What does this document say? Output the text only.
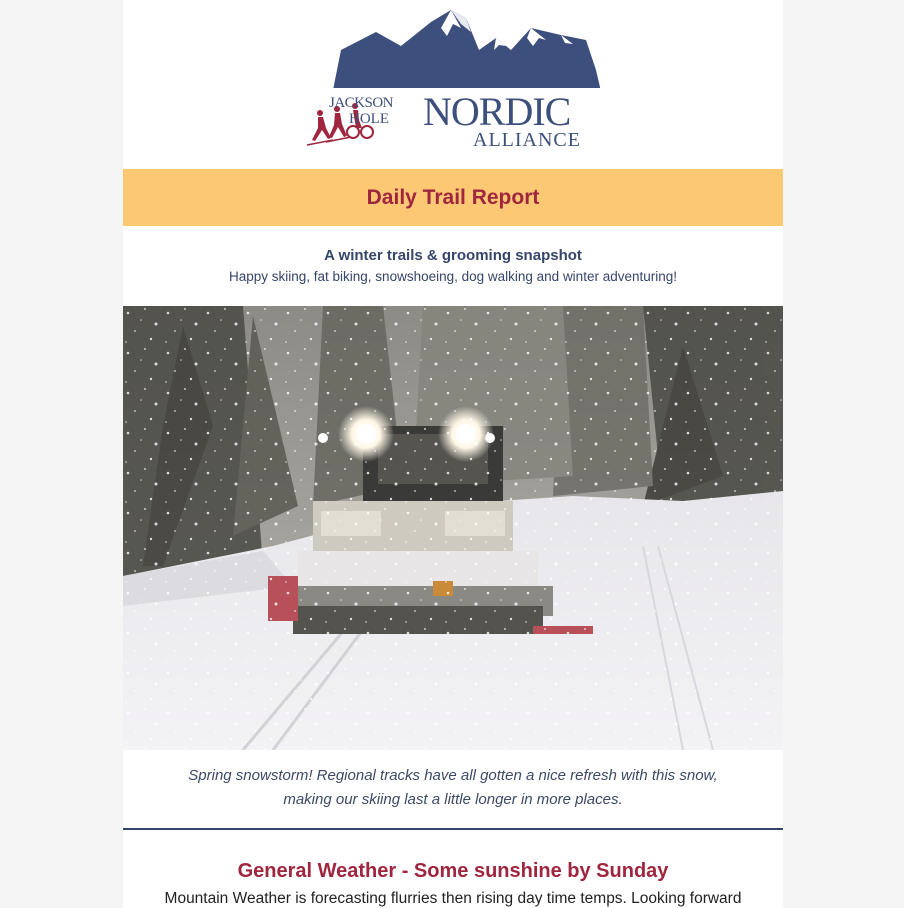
JACKSON
HOLE NORDIC
ALLIANCE
Daily Trail Report
A winter trails & grooming snapshot
Happy skiing, fat biking, snowshoeing, dog walking and winter adventuring!
Spring snowstorm! Regional tracks have all gotten a nice refresh with this snow, making our skiing last a little longer in more places.
General Weather - Some sunshine by Sunday
Mountain Weather is forecasting flurries then rising day time temps. Looking forward
